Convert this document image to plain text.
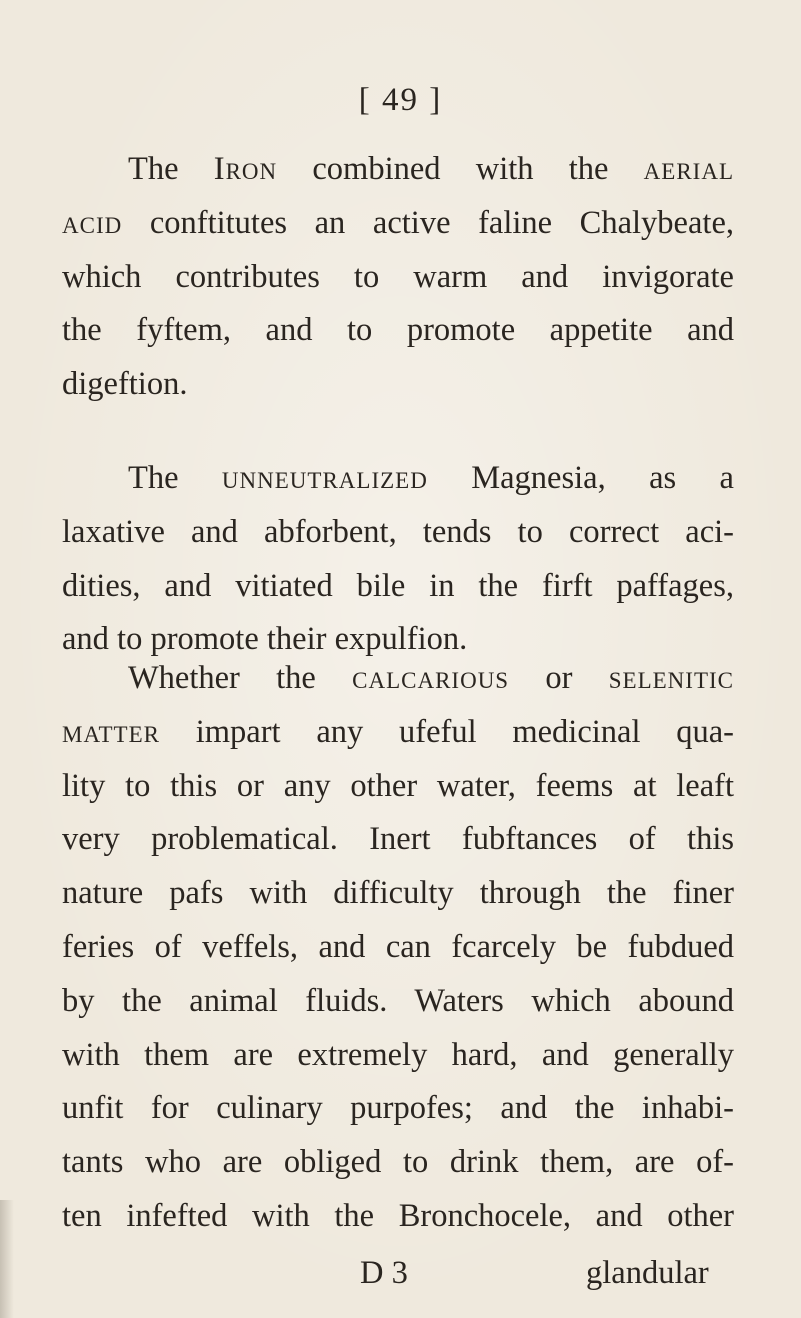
[ 49 ]
The Iron combined with the aerial
acid conftitutes an active faline Chalybeate,
which contributes to warm and invigorate
the fyftem, and to promote appetite and
digeftion.
The unneutralized Magnesia, as a
laxative and abforbent, tends to correct aci-
dities, and vitiated bile in the firft paffages,
and to promote their expulfion.
Whether the calcarious or selenitic
matter impart any ufeful medicinal qua-
lity to this or any other water, feems at leaft
very problematical. Inert fubftances of this
nature pafs with difficulty through the finer
feries of veffels, and can fcarcely be fubdued
by the animal fluids. Waters which abound
with them are extremely hard, and generally
unfit for culinary purpofes; and the inhabi-
tants who are obliged to drink them, are of-
ten infefted with the Bronchocele, and other
D 3	glandular
